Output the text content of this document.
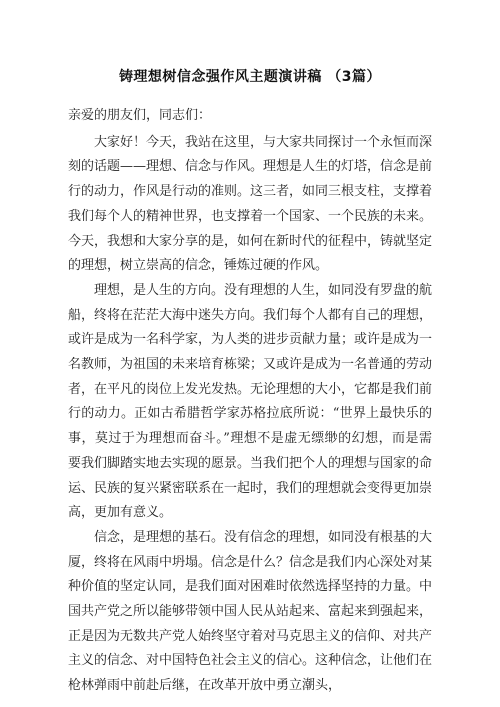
铸理想树信念强作风主题演讲稿 （3篇）

亲爱的朋友们，同志们：

大家好！今天，我站在这里，与大家共同探讨一个永恒而深刻的话题——理想、信念与作风。理想是人生的灯塔，信念是前行的动力，作风是行动的准则。这三者，如同三根支柱，支撑着我们每个人的精神世界，也支撑着一个国家、一个民族的未来。今天，我想和大家分享的是，如何在新时代的征程中，铸就坚定的理想，树立崇高的信念，锤炼过硬的作风。

理想，是人生的方向。没有理想的人生，如同没有罗盘的航船，终将在茫茫大海中迷失方向。我们每个人都有自己的理想，或许是成为一名科学家，为人类的进步贡献力量；或许是成为一名教师，为祖国的未来培育栋梁；又或许是成为一名普通的劳动者，在平凡的岗位上发光发热。无论理想的大小，它都是我们前行的动力。正如古希腊哲学家苏格拉底所说：“世界上最快乐的事，莫过于为理想而奋斗。”理想不是虚无缥缈的幻想，而是需要我们脚踏实地去实现的愿景。当我们把个人的理想与国家的命运、民族的复兴紧密联系在一起时，我们的理想就会变得更加崇高，更加有意义。

信念，是理想的基石。没有信念的理想，如同没有根基的大厦，终将在风雨中坍塌。信念是什么？信念是我们内心深处对某种价值的坚定认同，是我们面对困难时依然选择坚持的力量。中国共产党之所以能够带领中国人民从站起来、富起来到强起来，正是因为无数共产党人始终坚守着对马克思主义的信仰、对共产主义的信念、对中国特色社会主义的信心。这种信念，让他们在枪林弹雨中前赴后继，在改革开放中勇立潮头，
